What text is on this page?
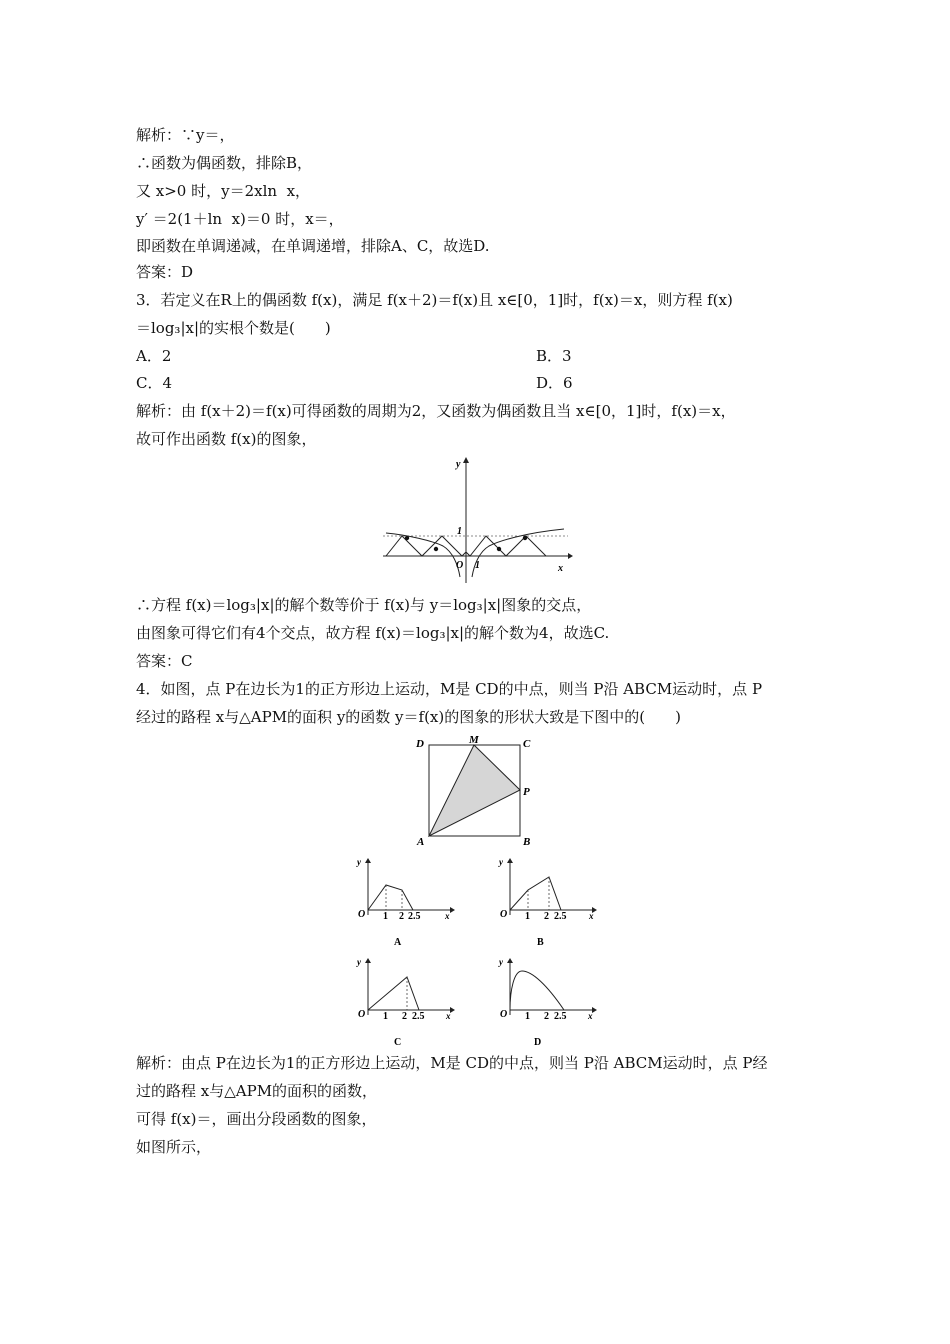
解析：∵y＝，
∴函数为偶函数，排除B，
又 x>0 时，y＝2xln  x，
y′ ＝2(1＋ln  x)＝0 时，x＝，
即函数在单调递减，在单调递增，排除A、C，故选D.
答案：D
3．若定义在R上的偶函数 f(x)，满足 f(x＋2)＝f(x)且 x∈[0，1]时，f(x)＝x，则方程 f(x)
＝log₃|x|的实根个数是(　　)
A．2	B．3
C．4	D．6
解析：由 f(x＋2)＝f(x)可得函数的周期为2，又函数为偶函数且当 x∈[0，1]时，f(x)＝x，
故可作出函数 f(x)的图象，
y
x
O
1
1
∴方程 f(x)＝log₃|x|的解个数等价于 f(x)与 y＝log₃|x|图象的交点，
由图象可得它们有4个交点，故方程 f(x)＝log₃|x|的解个数为4，故选C.
答案：C
4．如图，点 P在边长为1的正方形边上运动，M是 CD的中点，则当 P沿 ABCM运动时，点 P
经过的路程 x与△APM的面积 y的函数 y＝f(x)的图象的形状大致是下图中的(　　)
D	M	C
P
A	B
y
O 1 2 2.5	x
A
y
O 1 2 2.5	x
B
y
O 1 2 2.5 x
C
y
O 1 2 2.5 x
D
解析：由点 P在边长为1的正方形边上运动，M是 CD的中点，则当 P沿 ABCM运动时，点 P经
过的路程 x与△APM的面积的函数，
可得 f(x)＝，画出分段函数的图象，
如图所示，
